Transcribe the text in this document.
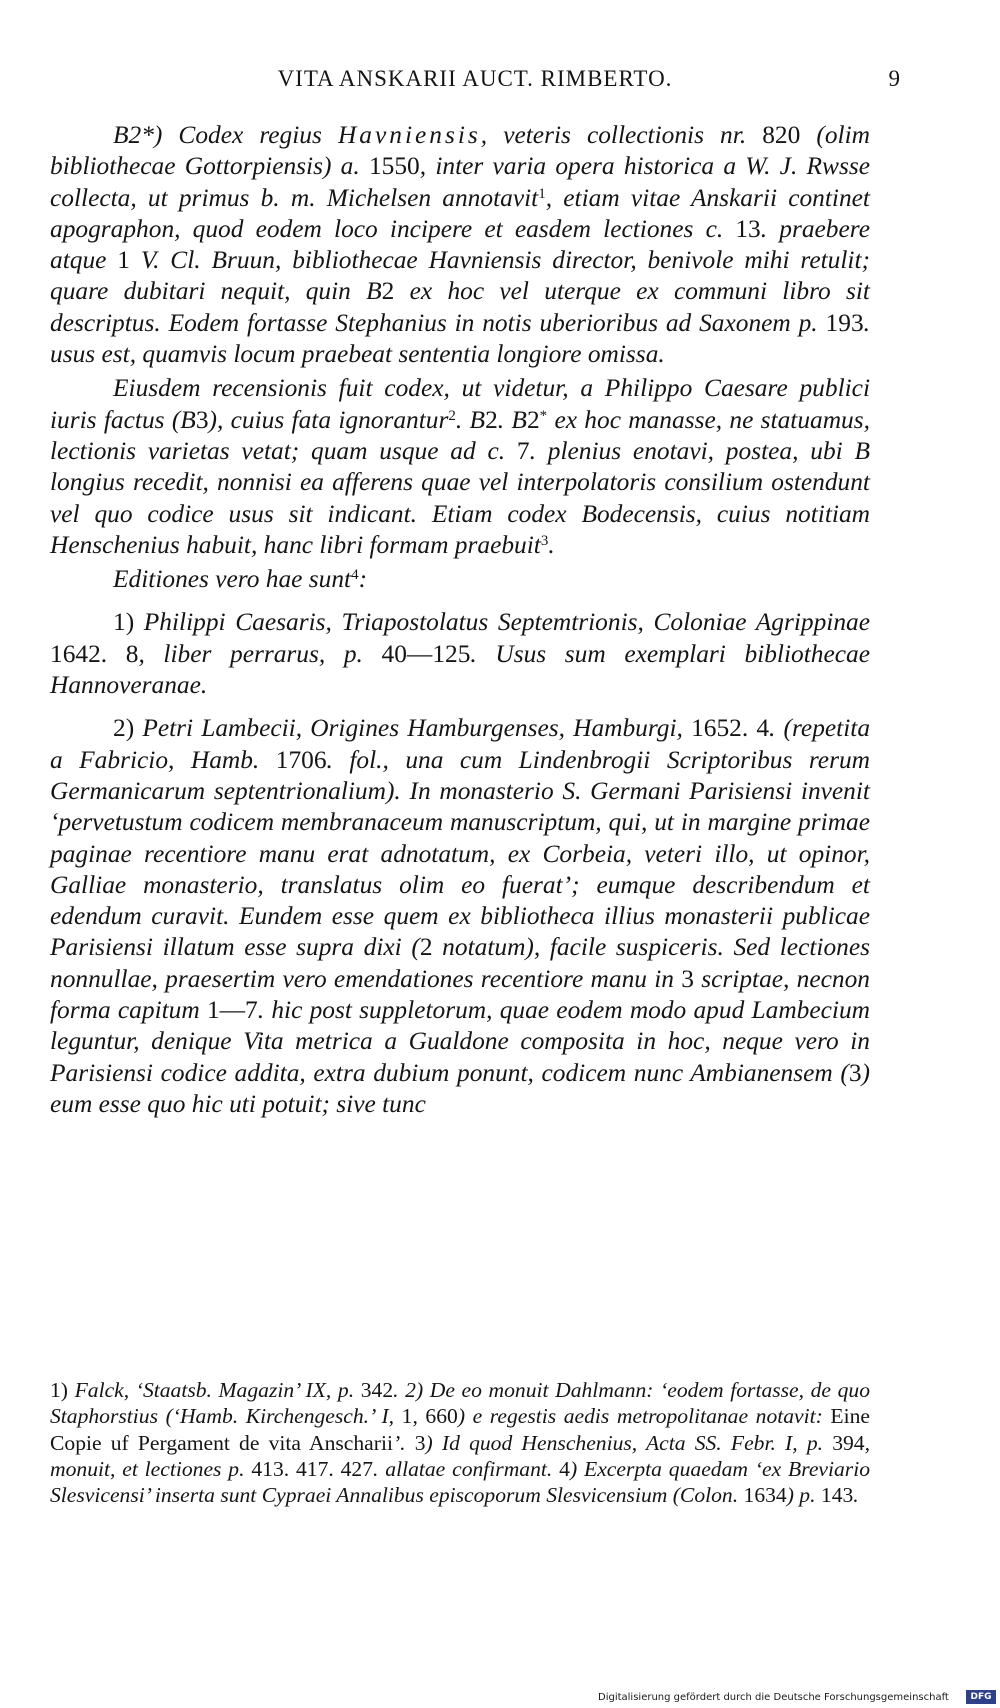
VITA ANSKARII AUCT. RIMBERTO.	9

B2*) Codex regius Havniensis, veteris collectionis nr. 820 (olim bibliothecae Gottorpiensis) a. 1550, inter varia opera historica a W. J. Rwsse collecta, ut primus b. m. Michelsen annotavit$^1$, etiam vitae Anskarii continet apographon, quod eodem loco incipere et easdem lectiones c. 13. praebere atque 1 V. Cl. Bruun, bibliothecae Havniensis director, benivole mihi retulit; quare dubitari nequit, quin B2 ex hoc vel uterque ex communi libro sit descriptus. Eodem fortasse Stephanius in notis uberioribus ad Saxonem p. 193. usus est, quamvis locum praebeat sententia longiore omissa.

Eiusdem recensionis fuit codex, ut videtur, a Philippo Caesare publici iuris factus (B3), cuius fata ignorantur$^2$. B2. B2* ex hoc manasse, ne statuamus, lectionis varietas vetat; quam usque ad c. 7. plenius enotavi, postea, ubi B longius recedit, nonnisi ea afferens quae vel interpolatoris consilium ostendunt vel quo codice usus sit indicant. Etiam codex Bodecensis, cuius notitiam Henschenius habuit, hanc libri formam praebuit$^3$.

Editiones vero hae sunt$^4$:

1) Philippi Caesaris, Triapostolatus Septemtrionis, Coloniae Agrippinae 1642. 8, liber perrarus, p. 40—125. Usus sum exemplari bibliothecae Hannoveranae.

2) Petri Lambecii, Origines Hamburgenses, Hamburgi, 1652. 4. (repetita a Fabricio, Hamb. 1706. fol., una cum Lindenbrogii Scriptoribus rerum Germanicarum septentrionalium). In monasterio S. Germani Parisiensi invenit ‘pervetustum codicem membranaceum manuscriptum, qui, ut in margine primae paginae recentiore manu erat adnotatum, ex Corbeia, veteri illo, ut opinor, Galliae monasterio, translatus olim eo fuerat’; eumque describendum et edendum curavit. Eundem esse quem ex bibliotheca illius monasterii publicae Parisiensi illatum esse supra dixi (2 notatum), facile suspiceris. Sed lectiones nonnullae, praesertim vero emendationes recentiore manu in 3 scriptae, necnon forma capitum 1—7. hic post suppletorum, quae eodem modo apud Lambecium leguntur, denique Vita metrica a Gualdone composita in hoc, neque vero in Parisiensi codice addita, extra dubium ponunt, codicem nunc Ambianensem (3) eum esse quo hic uti potuit; sive tunc

1) Falck, ‘Staatsb. Magazin’ IX, p. 342. 2) De eo monuit Dahlmann: ‘eodem fortasse, de quo Staphorstius (‘Hamb. Kirchengesch.’ I, 1, 660) e regestis aedis metropolitanae notavit: Eine Copie uf Pergament de vita Anscharii’. 3) Id quod Henschenius, Acta SS. Febr. I, p. 394, monuit, et lectiones p. 413. 417. 427. allatae confirmant. 4) Excerpta quaedam ‘ex Breviario Slesvicensi’ inserta sunt Cypraei Annalibus episcoporum Slesvicensium (Colon. 1634) p. 143.

Digitalisierung gefördert durch die Deutsche Forschungsgemeinschaft	DFG
